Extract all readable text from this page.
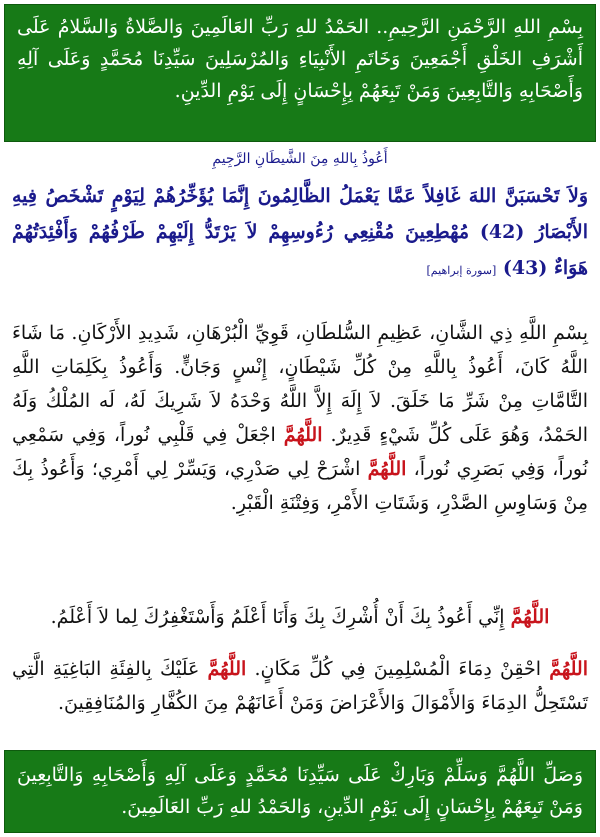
بِسْمِ اللهِ الرَّحْمَنِ الرَّحِيمِ.. الحَمْدُ للهِ رَبِّ العَالَمِينَ وَالصَّلاةُ وَالسَّلامُ عَلَى أَشْرَفِ الخَلْقِ أَجْمَعِينَ وَخَاتَمِ الأَنْبِيَاءِ وَالمُرْسَلِينَ سَيِّدِنَا مُحَمَّدٍ وَعَلَى آلِهِ وَأَصْحَابِهِ وَالتَّابِعِينَ وَمَنْ تَبِعَهُمْ بِإِحْسَانٍ إِلَى يَوْمِ الدِّينِ.
أَعُوذُ بِاللهِ مِنَ الشَّيطَانِ الرَّجِيمِ
وَلاَ تَحْسَبَنَّ اللهَ غَافِلاً عَمَّا يَعْمَلُ الظَّالِمُونَ إِنَّمَا يُؤَخِّرُهُمْ لِيَوْمٍ تَشْخَصُ فِيهِ الأَبْصَارُ (42) مُهْطِعِينَ مُقْنِعِي رُءُوسِهِمْ لاَ يَرْتَدُّ إِلَيْهِمْ طَرْفُهُمْ وَأَفْئِدَتُهُمْ هَوَاءٌ (43) [سورة إبراهيم]
بِسْمِ اللَّهِ ذِي الشَّانِ، عَظِيمِ السُّلطَانِ، قَوِيِّ الْبُرْهَانِ، شَدِيدِ الأَرْكَانِ. مَا شَاءَ اللَّهُ كَانَ، أَعُوذُ بِاللَّهِ مِنْ كُلِّ شَيْطَانٍ، إِنْسٍ وَجَانٍّ. وَأَعُوذُ بِكَلِمَاتِ اللَّهِ التَّامَّاتِ مِنْ شَرِّ مَا خَلَقَ. لاَ إِلَهَ إِلاَّ اللَّهُ وَحْدَهُ لاَ شَرِيكَ لَهُ، لَه المُلْكُ وَلَهُ الحَمْدُ، وَهُوَ عَلَى كُلِّ شَيْءٍ قَدِيرٌ. اللَّهُمَّ اجْعَلْ فِي قَلْبِي نُوراً، وَفِي سَمْعِي نُوراً، وَفِي بَصَرِي نُوراً، اللَّهُمَّ اشْرَحْ لِي صَدْرِي، وَيَسِّرْ لِي أَمْرِي؛ وَأَعُوذُ بِكَ مِنْ وَسَاوِسِ الصَّدْرِ، وَشَتَاتِ الأَمْرِ، وَفِتْنَةِ الْقَبْرِ.
اللَّهُمَّ إِنِّي أَعُوذُ بِكَ أَنْ أُشْرِكَ بِكَ وَأَنَا أَعْلَمُ وَأَسْتَغْفِرُكَ لِما لاَ أَعْلَمُ.
اللَّهُمَّ احْقِنْ دِمَاءَ الْمُسْلِمِينَ فِي كُلِّ مَكَانٍ. اللَّهُمَّ عَلَيْكَ بِالفِئَةِ البَاغِيَةِ الَّتِي تَسْتَحِلُّ الدِمَاءَ وَالأَمْوَالَ وَالأَعْرَاضَ وَمَنْ أَعَانَهُمْ مِنَ الكُفَّارِ وَالمُنَافِقِينَ.
وَصَلِّ اللَّهُمَّ وَسَلِّمْ وَبَارِكْ عَلَى سَيِّدِنَا مُحَمَّدٍ وَعَلَى آلِهِ وَأَصْحَابِهِ وَالتَّابِعِينَ وَمَنْ تَبِعَهُمْ بِإِحْسَانٍ إِلَى يَوْمِ الدِّينِ، وَالحَمْدُ للهِ رَبِّ العَالَمِينَ.
